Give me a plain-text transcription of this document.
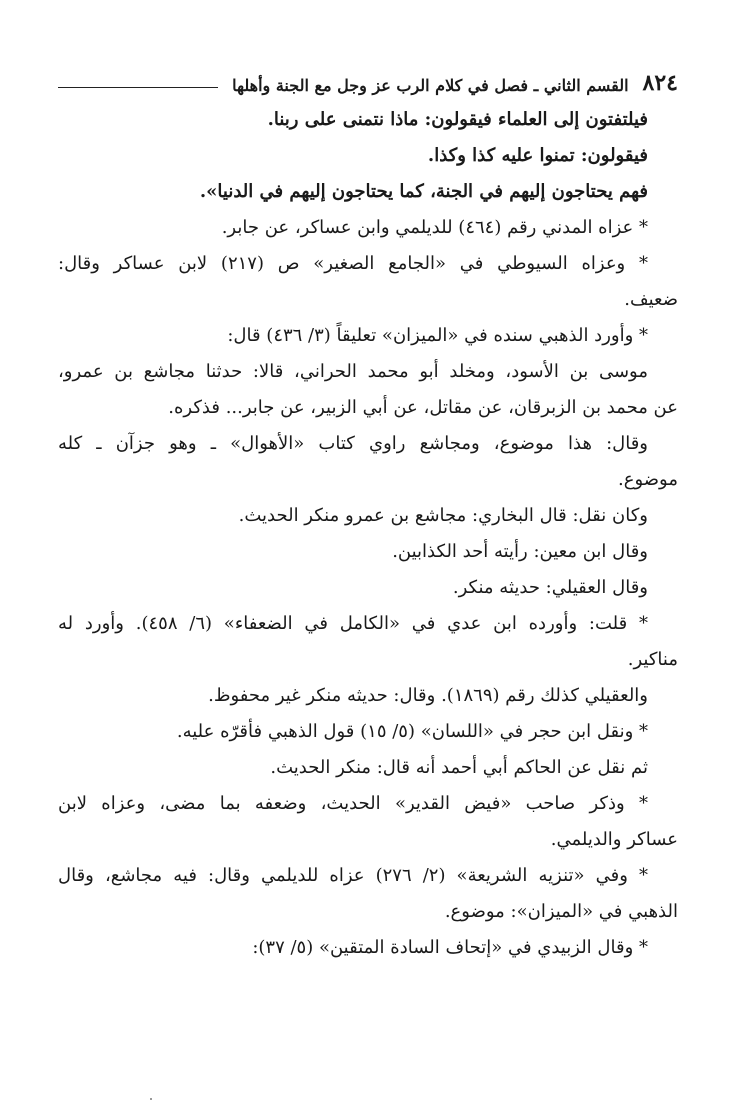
٨٢٤
القسم الثاني ـ فصل في كلام الرب عز وجل مع الجنة وأهلها
فيلتفتون إلى العلماء فيقولون: ماذا نتمنى على ربنا.
فيقولون: تمنوا عليه كذا وكذا.
فهم يحتاجون إليهم في الجنة، كما يحتاجون إليهم في الدنيا».
* عزاه المدني رقم (٤٦٤) للديلمي وابن عساكر، عن جابر.
* وعزاه السيوطي في «الجامع الصغير» ص (٢١٧) لابن عساكر وقال:
ضعيف.
* وأورد الذهبي سنده في «الميزان» تعليقاً (٣/ ٤٣٦) قال:
موسى بن الأسود، ومخلد أبو محمد الحراني، قالا: حدثنا مجاشع بن عمرو،
عن محمد بن الزبرقان، عن مقاتل، عن أبي الزبير، عن جابر... فذكره.
وقال: هذا موضوع، ومجاشع راوي كتاب «الأهوال» ـ وهو جزآن ـ كله
موضوع.
وكان نقل: قال البخاري: مجاشع بن عمرو منكر الحديث.
وقال ابن معين: رأيته أحد الكذابين.
وقال العقيلي: حديثه منكر.
* قلت: وأورده ابن عدي في «الكامل في الضعفاء» (٦/ ٤٥٨). وأورد له
مناكير.
والعقيلي كذلك رقم (١٨٦٩). وقال: حديثه منكر غير محفوظ.
* ونقل ابن حجر في «اللسان» (٥/ ١٥) قول الذهبي فأقرّه عليه.
ثم نقل عن الحاكم أبي أحمد أنه قال: منكر الحديث.
* وذكر صاحب «فيض القدير» الحديث، وضعفه بما مضى، وعزاه لابن
عساكر والديلمي.
* وفي «تنزيه الشريعة» (٢/ ٢٧٦) عزاه للديلمي وقال: فيه مجاشع، وقال
الذهبي في «الميزان»: موضوع.
* وقال الزبيدي في «إتحاف السادة المتقين» (٥/ ٣٧):
